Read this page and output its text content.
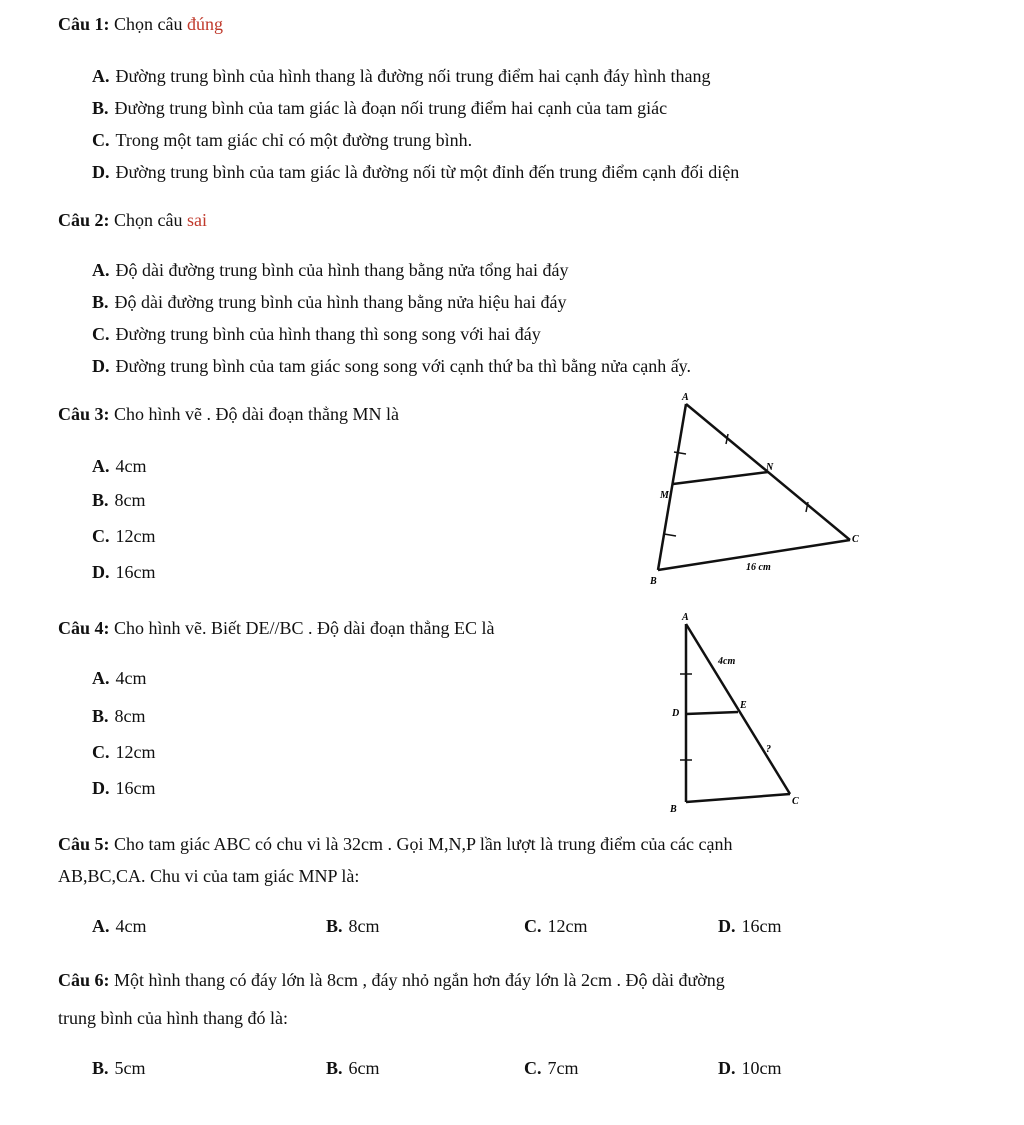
Câu 1: Chọn câu đúng
A. Đường trung bình của hình thang là đường nối trung điểm hai cạnh đáy hình thang
B. Đường trung bình của tam giác là đoạn nối trung điểm hai cạnh của tam giác
C. Trong một tam giác chỉ có một đường trung bình.
D. Đường trung bình của tam giác là đường nối từ một đỉnh đến trung điểm cạnh đối diện
Câu 2: Chọn câu sai
A. Độ dài đường trung bình của hình thang bằng nửa tổng hai đáy
B. Độ dài đường trung bình của hình thang bằng nửa hiệu hai đáy
C. Đường trung bình của hình thang thì song song với hai đáy
D. Đường trung bình của tam giác song song với cạnh thứ ba thì bằng nửa cạnh ấy.
Câu 3: Cho hình vẽ . Độ dài đoạn thẳng MN là
A. 4cm
B. 8cm
C. 12cm
D. 16cm
A
N
M
C
B
16 cm
Câu 4: Cho hình vẽ. Biết DE//BC . Độ dài đoạn thẳng EC là
A. 4cm
B. 8cm
C. 12cm
D. 16cm
A
4cm
D
E
?
B
C
Câu 5: Cho tam giác ABC có chu vi là 32cm . Gọi M,N,P lần lượt là trung điểm của các cạnh
AB,BC,CA. Chu vi của tam giác MNP là:
A. 4cm	B. 8cm	C. 12cm	D. 16cm
Câu 6: Một hình thang có đáy lớn là 8cm , đáy nhỏ ngắn hơn đáy lớn là 2cm . Độ dài đường
trung bình của hình thang đó là:
B. 5cm	B. 6cm	C. 7cm	D. 10cm
